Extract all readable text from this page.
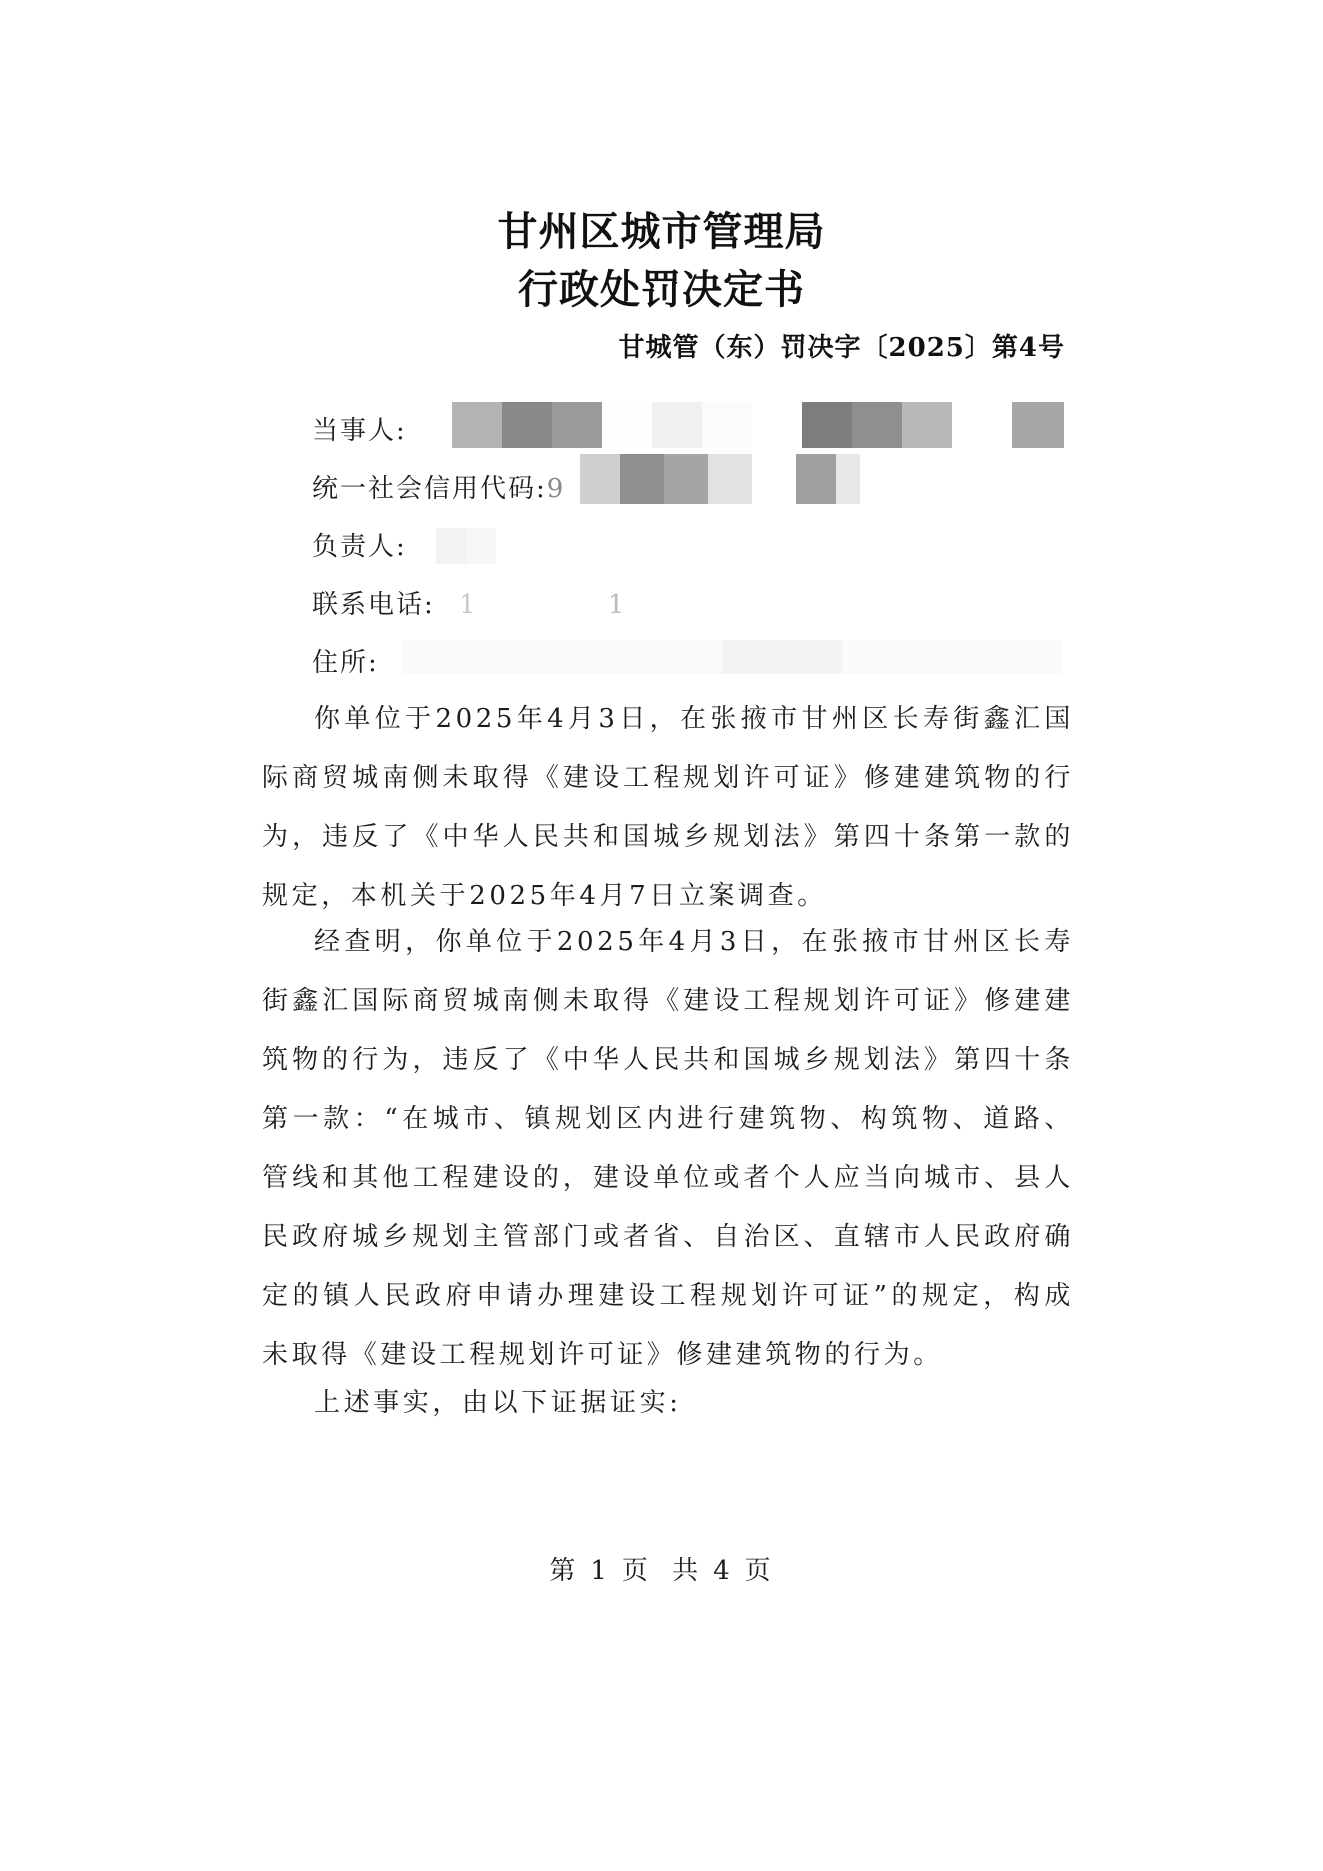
甘州区城市管理局
行政处罚决定书
甘城管（东）罚决字〔2025〕第4号
当事人:
统一社会信用代码:9
负责人:
联系电话: 1	1
住所:
你单位于2025年4月3日，在张掖市甘州区长寿街鑫汇国际商贸城南侧未取得《建设工程规划许可证》修建建筑物的行为，违反了《中华人民共和国城乡规划法》第四十条第一款的规定，本机关于2025年4月7日立案调查。
经查明，你单位于2025年4月3日，在张掖市甘州区长寿街鑫汇国际商贸城南侧未取得《建设工程规划许可证》修建建筑物的行为，违反了《中华人民共和国城乡规划法》第四十条第一款：“在城市、镇规划区内进行建筑物、构筑物、道路、管线和其他工程建设的，建设单位或者个人应当向城市、县人民政府城乡规划主管部门或者省、自治区、直辖市人民政府确定的镇人民政府申请办理建设工程规划许可证”的规定，构成未取得《建设工程规划许可证》修建建筑物的行为。
上述事实，由以下证据证实:
第 1 页 共 4 页
